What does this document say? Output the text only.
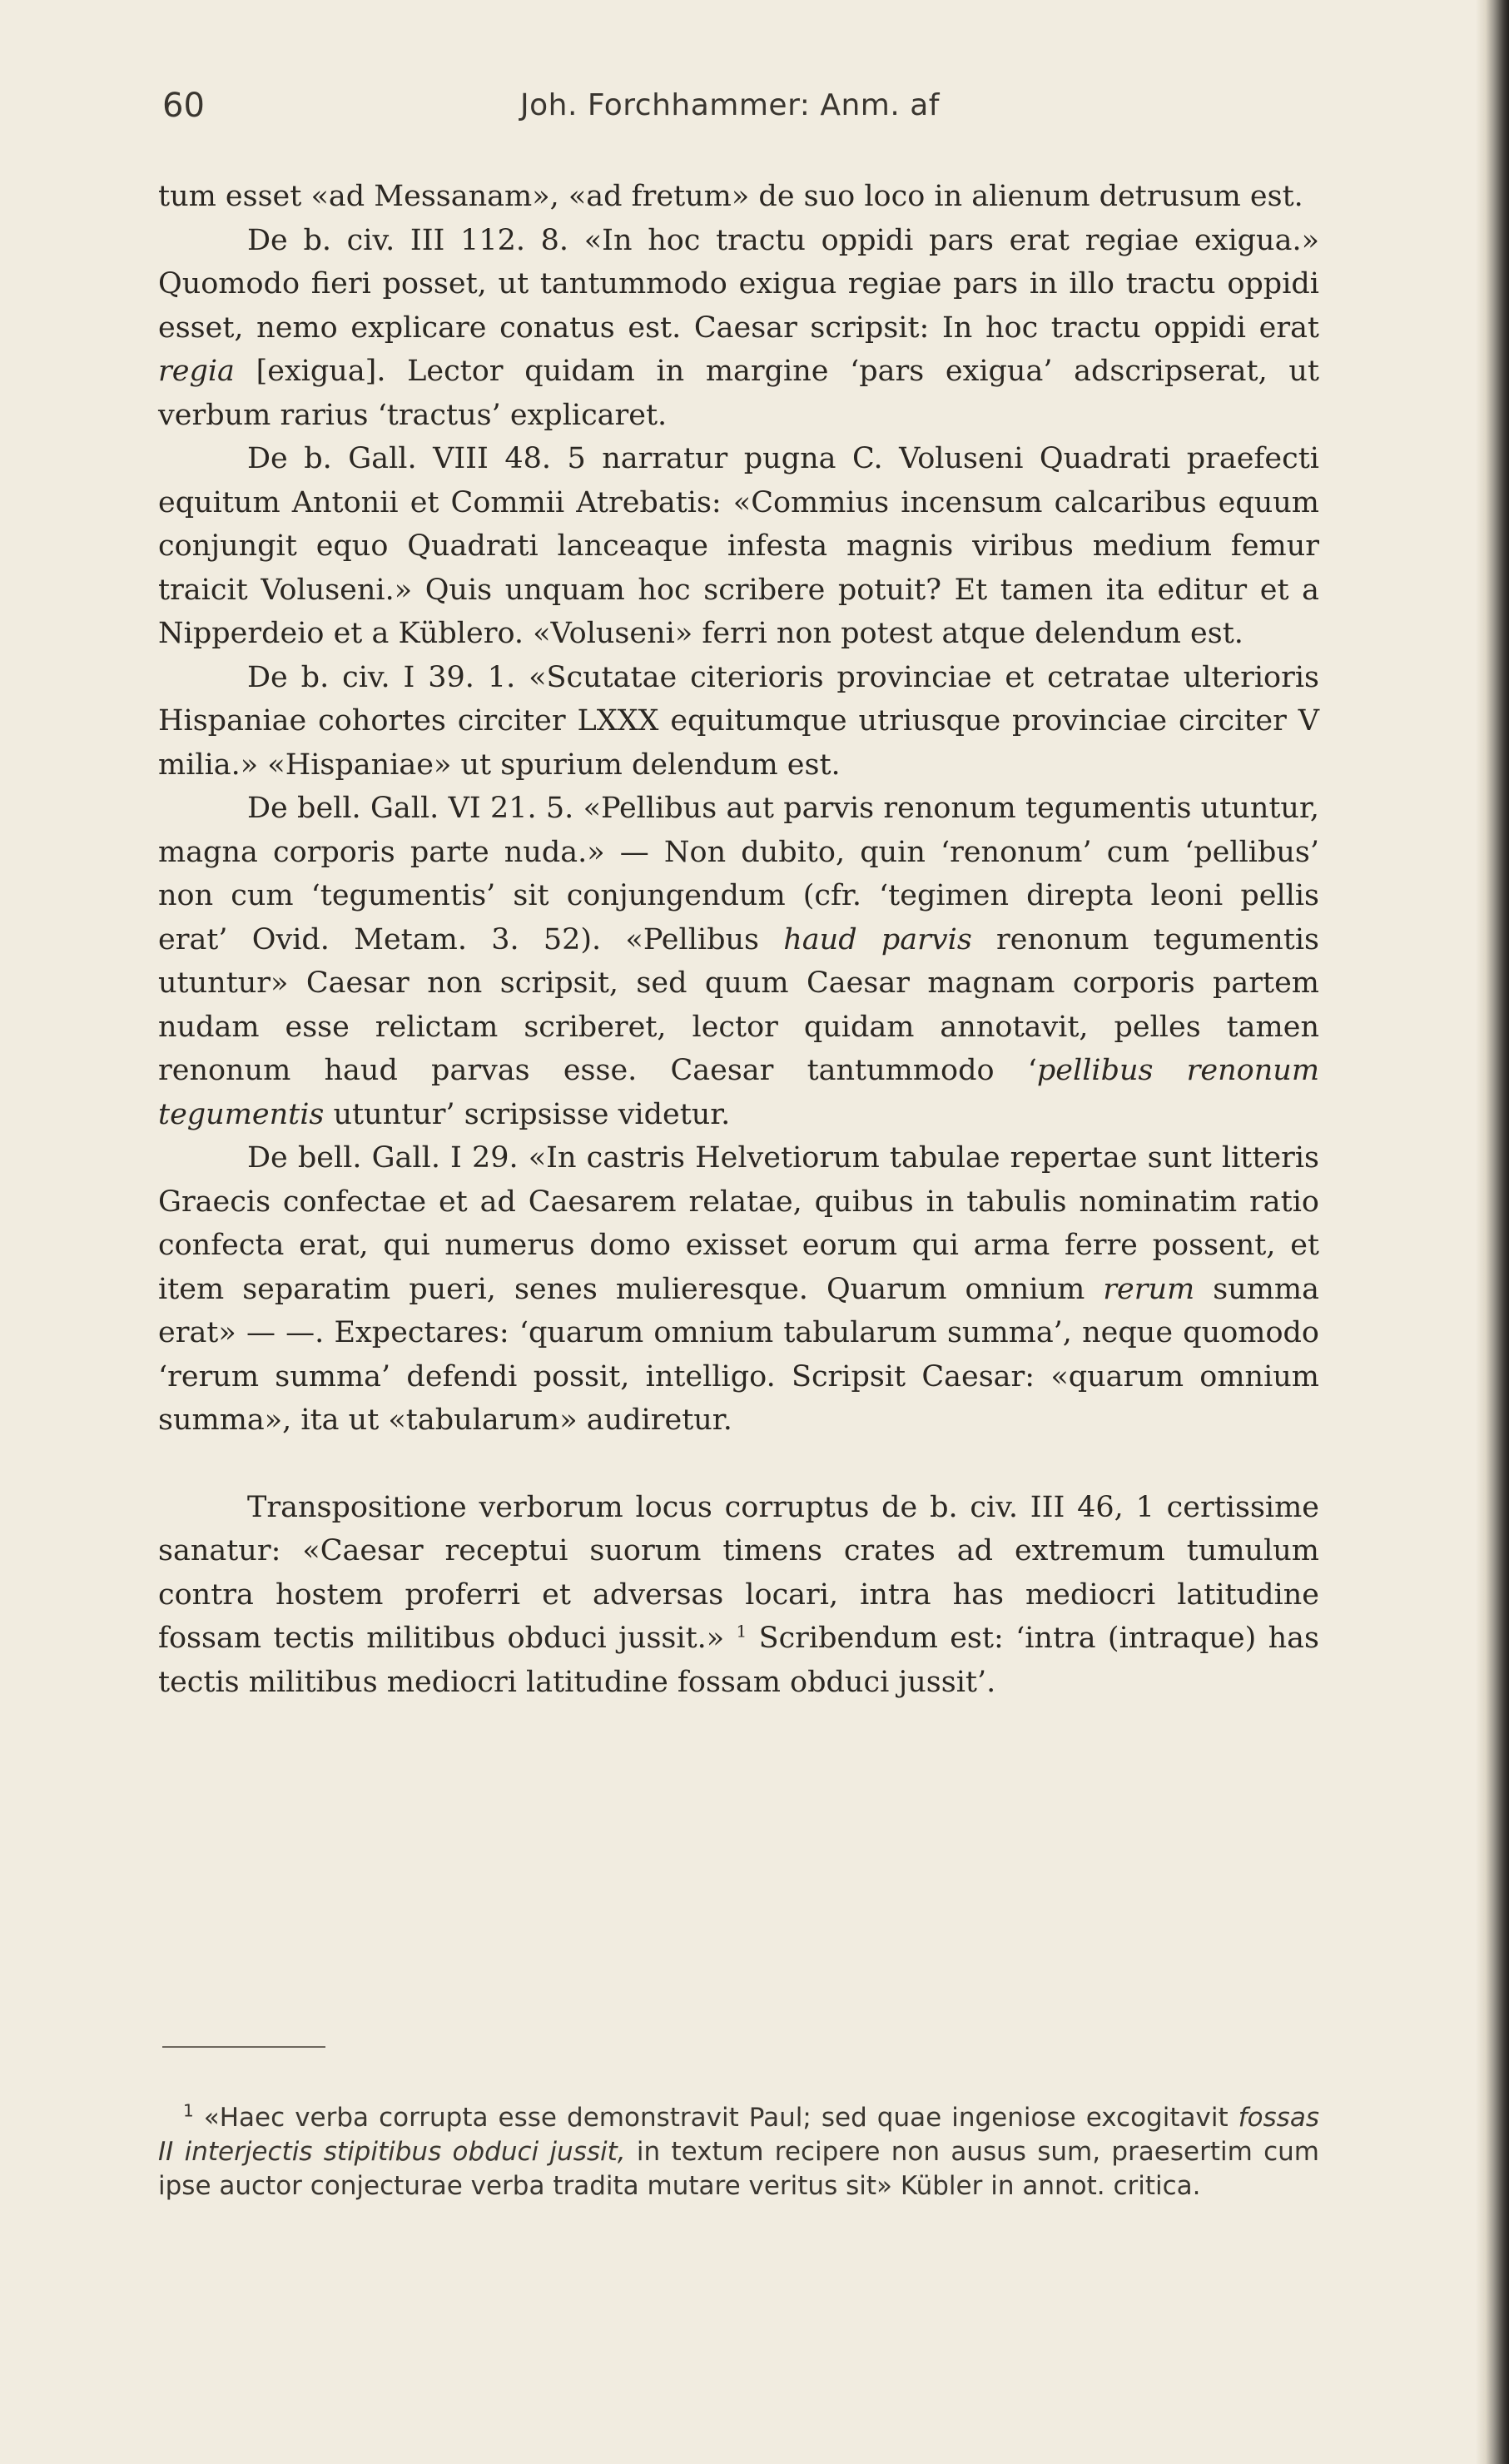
60	Joh. Forchhammer: Anm. af

tum esset «ad Messanam», «ad fretum» de suo loco in alienum detrusum est.

De b. civ. III 112. 8. «In hoc tractu oppidi pars erat regiae exigua.» Quomodo fieri posset, ut tantummodo exigua regiae pars in illo tractu oppidi esset, nemo explicare conatus est. Caesar scripsit: In hoc tractu oppidi erat regia [exigua]. Lector quidam in margine ‘pars exigua’ adscripserat, ut verbum rarius ‘tractus’ explicaret.

De b. Gall. VIII 48. 5 narratur pugna C. Voluseni Quadrati praefecti equitum Antonii et Commii Atrebatis: «Commius incensum calcaribus equum conjungit equo Quadrati lanceaque infesta magnis viribus medium femur traicit Voluseni.» Quis unquam hoc scribere potuit? Et tamen ita editur et a Nipperdeio et a Küblero. «Voluseni» ferri non potest atque delendum est.

De b. civ. I 39. 1. «Scutatae citerioris provinciae et cetratae ulterioris Hispaniae cohortes circiter LXXX equitumque utriusque provinciae circiter V milia.» «Hispaniae» ut spurium delendum est.

De bell. Gall. VI 21. 5. «Pellibus aut parvis renonum tegumentis utuntur, magna corporis parte nuda.» — Non dubito, quin ‘renonum’ cum ‘pellibus’ non cum ‘tegumentis’ sit conjungendum (cfr. ‘tegimen direpta leoni pellis erat’ Ovid. Metam. 3. 52). «Pellibus haud parvis renonum tegumentis utuntur» Caesar non scripsit, sed quum Caesar magnam corporis partem nudam esse relictam scriberet, lector quidam annotavit, pelles tamen renonum haud parvas esse. Caesar tantummodo ‘pellibus renonum tegumentis utuntur’ scripsisse videtur.

De bell. Gall. I 29. «In castris Helvetiorum tabulae repertae sunt litteris Graecis confectae et ad Caesarem relatae, quibus in tabulis nominatim ratio confecta erat, qui numerus domo exisset eorum qui arma ferre possent, et item separatim pueri, senes mulieresque. Quarum omnium rerum summa erat» — —. Expectares: ‘quarum omnium tabularum summa’, neque quomodo ‘rerum summa’ defendi possit, intelligo. Scripsit Caesar: «quarum omnium summa», ita ut «tabularum» audiretur.

Transpositione verborum locus corruptus de b. civ. III 46, 1 certissime sanatur: «Caesar receptui suorum timens crates ad extremum tumulum contra hostem proferri et adversas locari, intra has mediocri latitudine fossam tectis militibus obduci jussit.» $^1$ Scribendum est: ‘intra (intraque) has tectis militibus mediocri latitudine fossam obduci jussit’.

$^1$ «Haec verba corrupta esse demonstravit Paul; sed quae ingeniose excogitavit fossas II interjectis stipitibus obduci jussit, in textum recipere non ausus sum, praesertim cum ipse auctor conjecturae verba tradita mutare veritus sit» Kübler in annot. critica.
